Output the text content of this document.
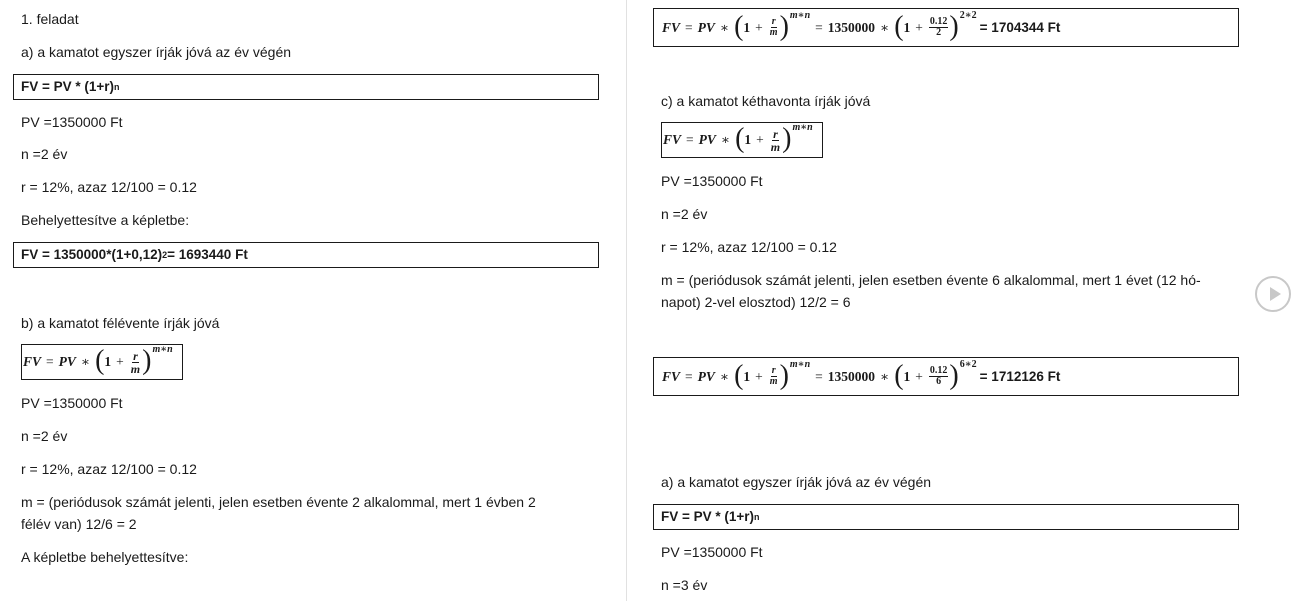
1. feladat
a) a kamatot egyszer írják jóvá az év végén
FV = PV * (1+r) n
PV =1350000 Ft
n =2 év
r = 12%, azaz 12/100 = 0.12
Behelyettesítve a képletbe:
FV = 1350000*(1+0,12) 2 = 1693440 Ft
b) a kamatot félévente írják jóvá
FV = PV ∗ ( $1 + \frac{r}{m}$ ) m∗n
PV =1350000 Ft
n =2 év
r = 12%, azaz 12/100 = 0.12
m = (periódusok számát jelenti, jelen esetben évente 2 alkalommal, mert 1 évben 2
félév van) 12/6 = 2
A képletbe behelyettesítve:
FV = PV ∗ ( $1 + \frac{r}{m}$ ) m∗n
= 1350000 ∗ ( $1 + \frac{0.12}{2}$ ) 2∗2
= 1704344 Ft
c) a kamatot kéthavonta írják jóvá
FV = PV ∗ ( $1 + \frac{r}{m}$ ) m∗n
PV =1350000 Ft
n =2 év
r = 12%, azaz 12/100 = 0.12
m = (periódusok számát jelenti, jelen esetben évente 6 alkalommal, mert 1 évet (12 hó-
napot) 2-vel elosztod) 12/2 = 6
FV = PV ∗ ( $1 + \frac{r}{m}$ ) m∗n
= 1350000 ∗ ( $1 + \frac{0.12}{6}$ ) 6∗2
= 1712126 Ft
a) a kamatot egyszer írják jóvá az év végén
FV = PV * (1+r) n
PV =1350000 Ft
n =3 év
